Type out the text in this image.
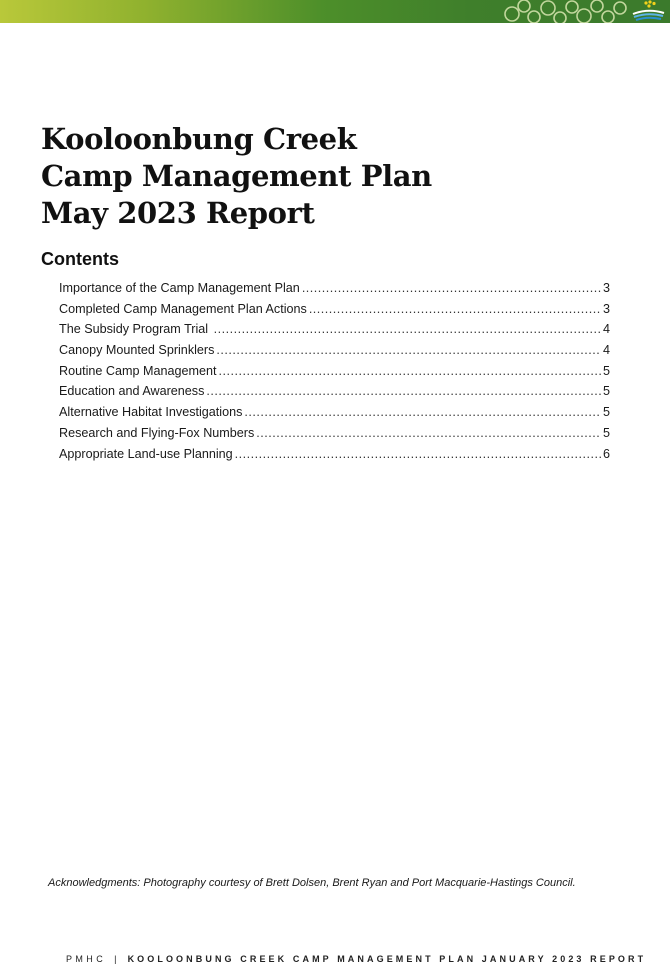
Kooloonbung Creek
Camp Management Plan
May 2023 Report
Contents
Importance of the Camp Management Plan .....	3
Completed Camp Management Plan Actions .....	3
The Subsidy Program Trial .....	4
Canopy Mounted Sprinklers .....	4
Routine Camp Management .....	5
Education and Awareness .....	5
Alternative Habitat Investigations .....	5
Research and Flying-Fox Numbers .....	5
Appropriate Land-use Planning .....	6

Acknowledgments: Photography courtesy of Brett Dolsen, Brent Ryan and Port Macquarie-Hastings Council.

PMHC | KOOLOONBUNG CREEK CAMP MANAGEMENT PLAN JANUARY 2023 REPORT
